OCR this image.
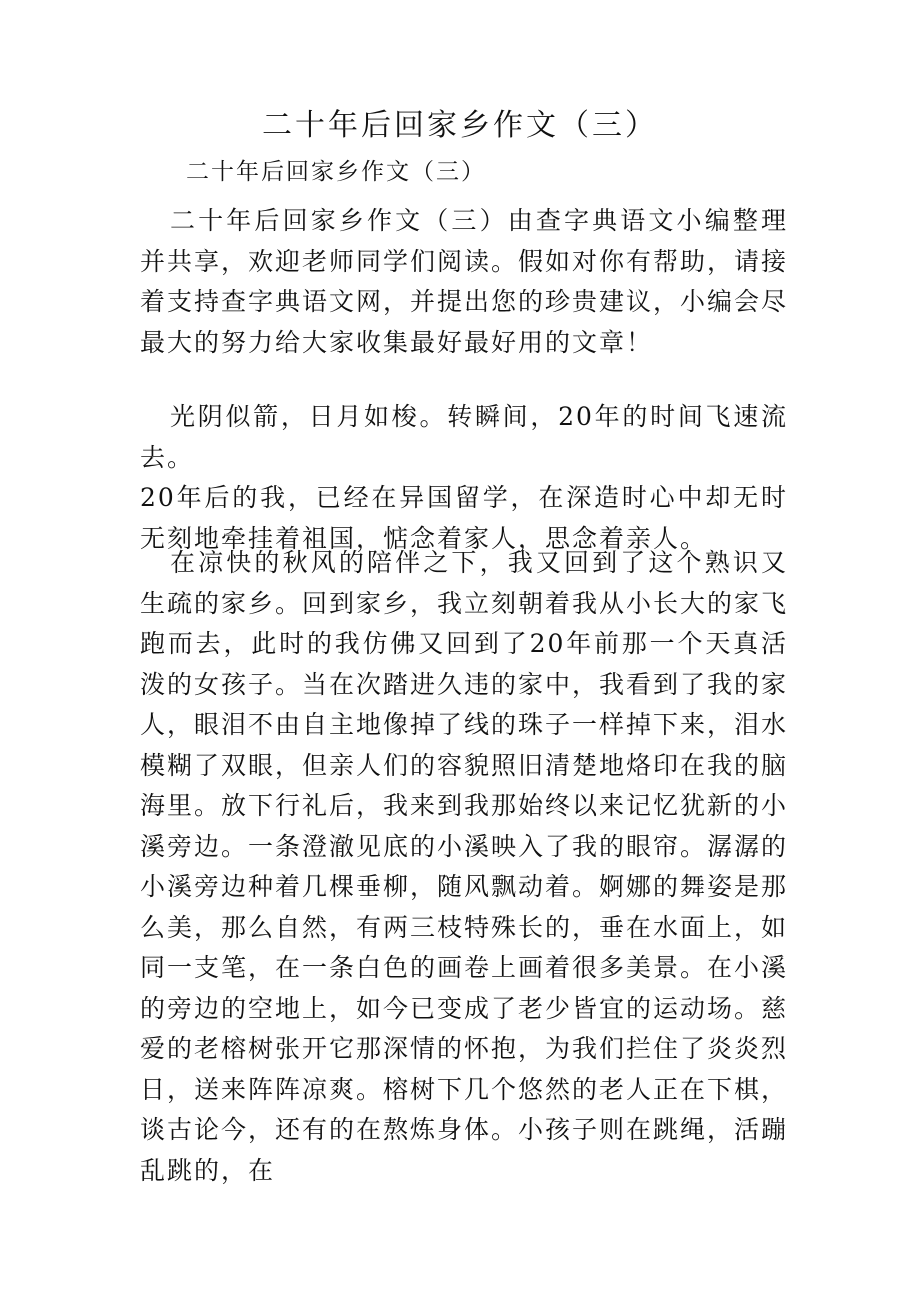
二十年后回家乡作文（三）
二十年后回家乡作文（三）

二十年后回家乡作文（三）由查字典语文小编整理并共享，欢迎老师同学们阅读。假如对你有帮助，请接着支持查字典语文网，并提出您的珍贵建议，小编会尽最大的努力给大家收集最好最好用的文章！

光阴似箭，日月如梭。转瞬间，20年的时间飞速流去。
20年后的我，已经在异国留学，在深造时心中却无时无刻地牵挂着祖国，惦念着家人，思念着亲人。

在凉快的秋风的陪伴之下，我又回到了这个熟识又生疏的家乡。回到家乡，我立刻朝着我从小长大的家飞跑而去，此时的我仿佛又回到了20年前那一个天真活泼的女孩子。当在次踏进久违的家中，我看到了我的家人，眼泪不由自主地像掉了线的珠子一样掉下来，泪水模糊了双眼，但亲人们的容貌照旧清楚地烙印在我的脑海里。放下行礼后，我来到我那始终以来记忆犹新的小溪旁边。一条澄澈见底的小溪映入了我的眼帘。潺潺的小溪旁边种着几棵垂柳，随风飘动着。婀娜的舞姿是那么美，那么自然，有两三枝特殊长的，垂在水面上，如同一支笔，在一条白色的画卷上画着很多美景。在小溪的旁边的空地上，如今已变成了老少皆宜的运动场。慈爱的老榕树张开它那深情的怀抱，为我们拦住了炎炎烈日，送来阵阵凉爽。榕树下几个悠然的老人正在下棋，谈古论今，还有的在熬炼身体。小孩子则在跳绳，活蹦乱跳的，在
